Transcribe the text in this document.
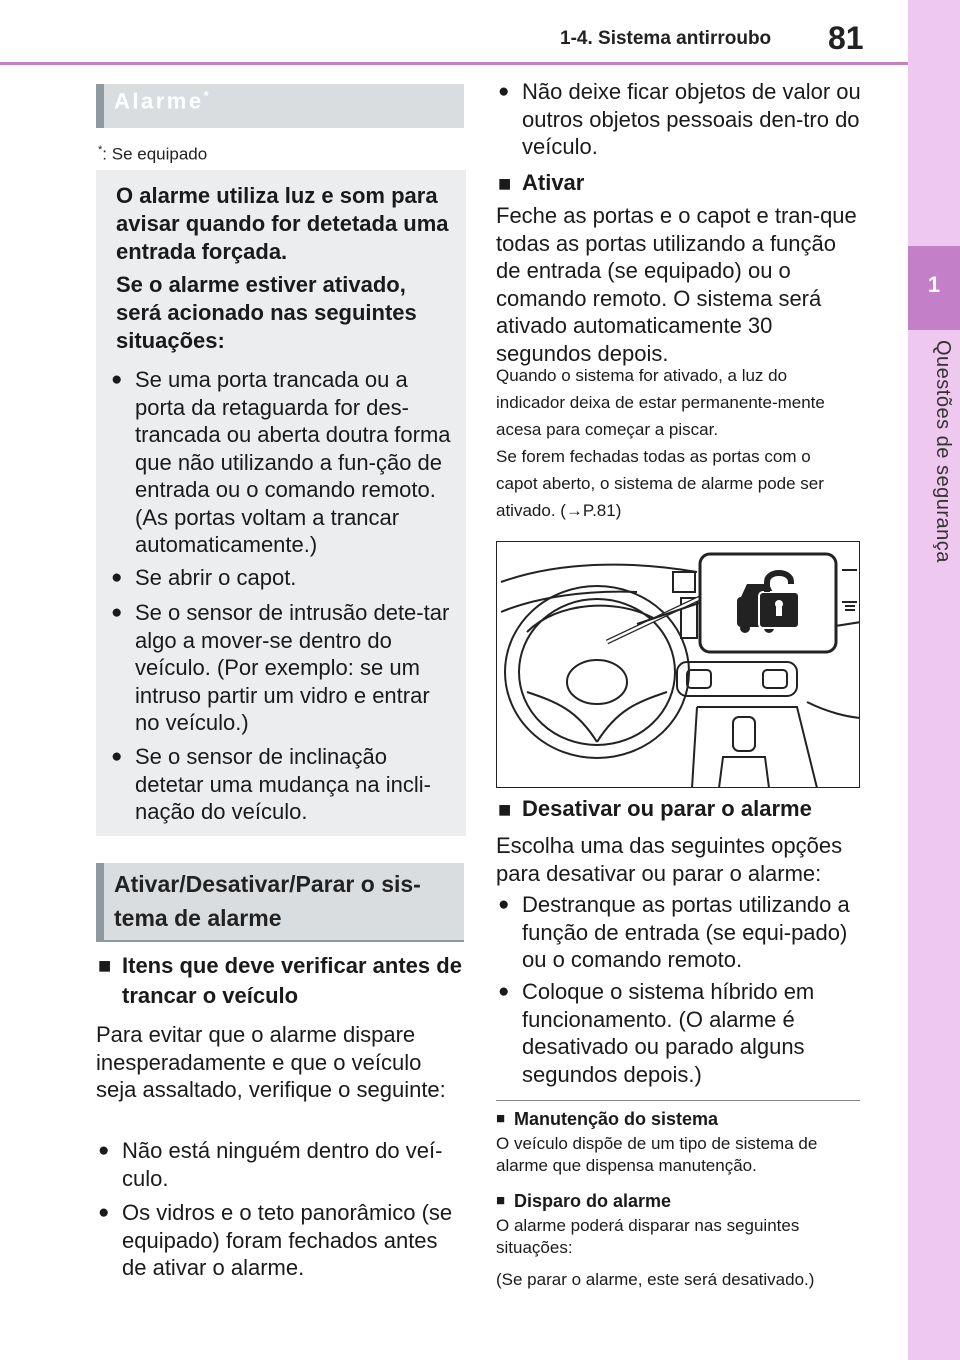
1-4. Sistema antirroubo 81
1
Questões de segurança
Alarme*
*: Se equipado
O alarme utiliza luz e som para avisar quando for detetada uma entrada forçada.
Se o alarme estiver ativado, será acionado nas seguintes situações:
● Se uma porta trancada ou a porta da retaguarda for des-trancada ou aberta doutra forma que não utilizando a fun-ção de entrada ou o comando remoto. (As portas voltam a trancar automaticamente.)
● Se abrir o capot.
● Se o sensor de intrusão dete-tar algo a mover-se dentro do veículo. (Por exemplo: se um intruso partir um vidro e entrar no veículo.)
● Se o sensor de inclinação detetar uma mudança na incli-nação do veículo.
Ativar/Desativar/Parar o sis-tema de alarme
■ Itens que deve verificar antes de trancar o veículo
Para evitar que o alarme dispare inesperadamente e que o veículo seja assaltado, verifique o seguinte:
● Não está ninguém dentro do veí-culo.
● Os vidros e o teto panorâmico (se equipado) foram fechados antes de ativar o alarme.
● Não deixe ficar objetos de valor ou outros objetos pessoais den-tro do veículo.
■ Ativar
Feche as portas e o capot e tran-que todas as portas utilizando a função de entrada (se equipado) ou o comando remoto. O sistema será ativado automaticamente 30 segundos depois.
Quando o sistema for ativado, a luz do indicador deixa de estar permanente-mente acesa para começar a piscar.
Se forem fechadas todas as portas com o capot aberto, o sistema de alarme pode ser ativado. (→P.81)
■ Desativar ou parar o alarme
Escolha uma das seguintes opções para desativar ou parar o alarme:
● Destranque as portas utilizando a função de entrada (se equi-pado) ou o comando remoto.
● Coloque o sistema híbrido em funcionamento. (O alarme é desativado ou parado alguns segundos depois.)
■ Manutenção do sistema
O veículo dispõe de um tipo de sistema de alarme que dispensa manutenção.
■ Disparo do alarme
O alarme poderá disparar nas seguintes situações:
(Se parar o alarme, este será desativado.)
